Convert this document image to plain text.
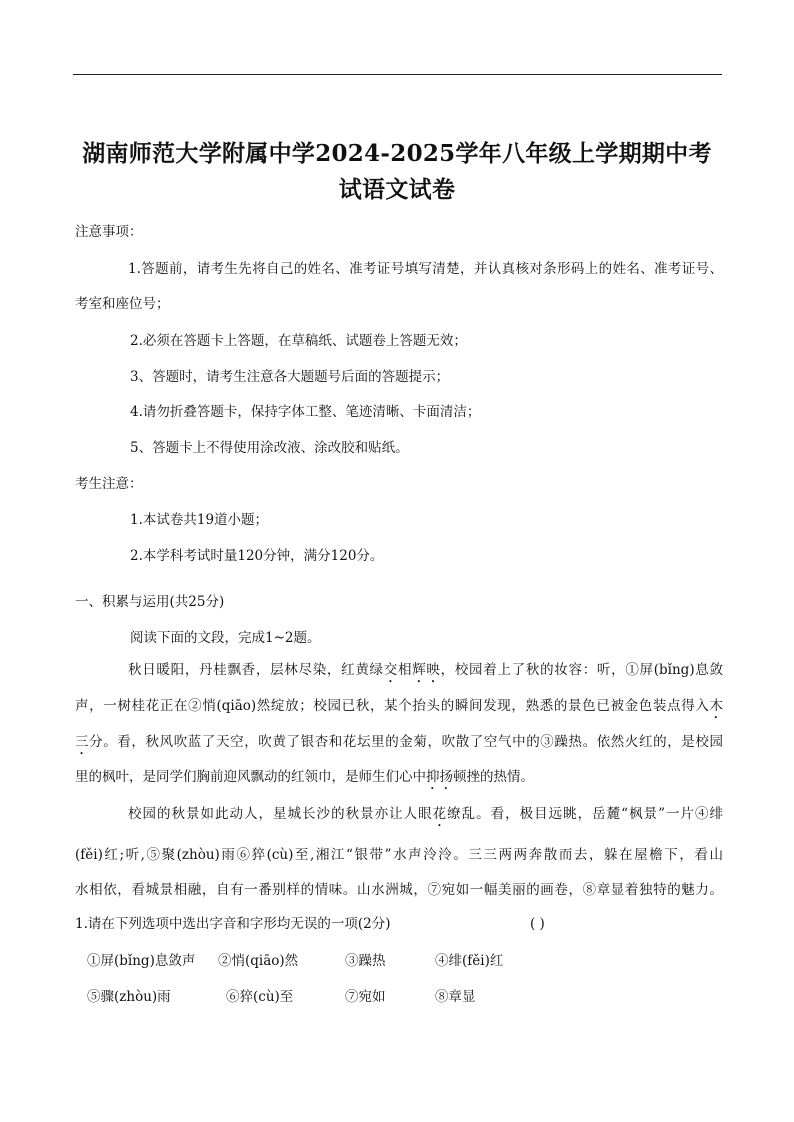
湖南师范大学附属中学2024-2025学年八年级上学期期中考
试语文试卷
注意事项：
1.答题前，请考生先将自己的姓名、准考证号填写清楚，并认真核对条形码上的姓名、准考证号、
考室和座位号；
2.必须在答题卡上答题，在草稿纸、试题卷上答题无效；
3、答题时，请考生注意各大题题号后面的答题提示；
4.请勿折叠答题卡，保持字体工整、笔迹清晰、卡面清洁；
5、答题卡上不得使用涂改液、涂改胶和贴纸。
考生注意：
1.本试卷共19道小题；
2.本学科考试时量120分钟，满分120分。
一、积累与运用(共25分)
阅读下面的文段，完成1~2题。
秋日暖阳，丹桂飘香，层林尽染，红黄绿交相辉映，校园着上了秋的妆容：听，①屏(bǐng)息敛
声，一树桂花正在②悄(qiāo)然绽放；校园已秋，某个抬头的瞬间发现，熟悉的景色已被金色装点得入木
三分。看，秋风吹蓝了天空，吹黄了银杏和花坛里的金菊，吹散了空气中的③躁热。依然火红的，是校园
里的枫叶，是同学们胸前迎风飘动的红领巾，是师生们心中抑扬顿挫的热情。
校园的秋景如此动人，星城长沙的秋景亦让人眼花缭乱。看，极目远眺，岳麓“枫景”一片④绯
(fěi)红;听,⑤聚(zhòu)雨⑥猝(cù)至,湘江“银带”水声泠泠。三三两两奔散而去，躲在屋檐下，看山
水相依，看城景相融，自有一番别样的情味。山水洲城，⑦宛如一幅美丽的画卷，⑧章显着独特的魅力。
1.请在下列选项中选出字音和字形均无误的一项(2分)	( )
①屏(bǐng)息敛声 ②悄(qiāo)然	③躁热	④绯(fěi)红
⑤骤(zhòu)雨	⑥猝(cù)至	⑦宛如	⑧章显
